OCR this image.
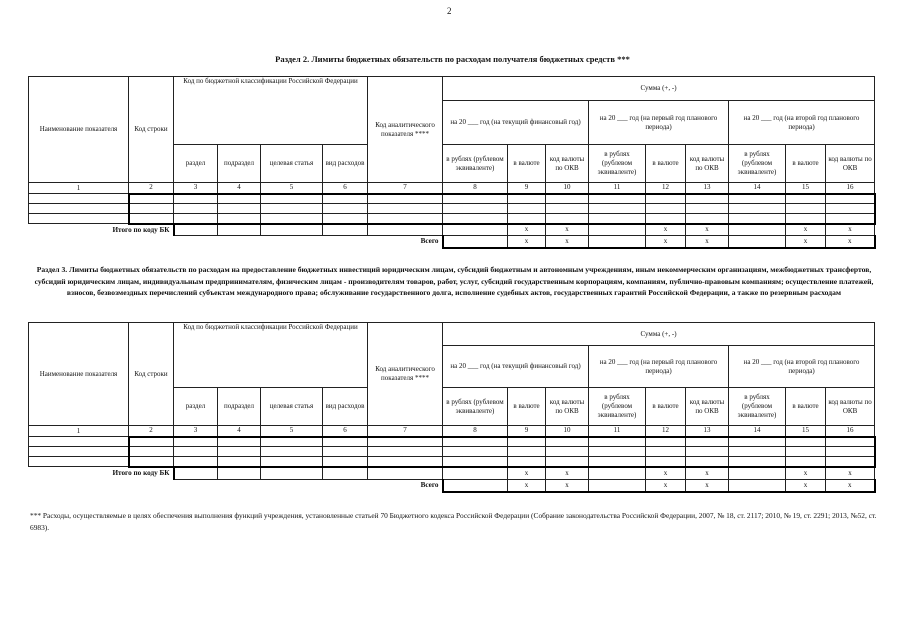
2
Раздел 2. Лимиты бюджетных обязательств по расходам получателя бюджетных средств ***
Наименование показателя	Код строки	Код по бюджетной классификации Российской Федерации				Код аналитического показателя ****	Сумма (+, -)								
							на 20 ___ год (на текущий финансовый год)			на 20 ___ год (на первый год планового периода)			на 20 ___ год (на второй год планового периода)		
		раздел	подраздел	целевая статья	вид расходов		в рублях (рублевом эквиваленте)	в валюте	код валюты по ОКВ	в рублях (рублевом эквиваленте)	в валюте	код валюты по ОКВ	в рублях (рублевом эквиваленте)	в валюте	код валюты по ОКВ
1	2	3	4	5	6	7	8	9	10	11	12	13	14	15	16

Итого по коду БК								x	x		x	x		x	x
Всего								x	x		x	x		x	x
Раздел 3. Лимиты бюджетных обязательств по расходам на предоставление бюджетных инвестиций юридическим лицам, субсидий бюджетным и автономным учреждениям, иным некоммерческим организациям, межбюджетных трансфертов, субсидий юридическим лицам, индивидуальным предпринимателям, физическим лицам - производителям товаров, работ, услуг, субсидий государственным корпорациям, компаниям, публично-правовым компаниям; осуществление платежей, взносов, безвозмездных перечислений субъектам международного права; обслуживание государственного долга, исполнение судебных актов, государственных гарантий Российской Федерации, а также по резервным расходам
Наименование показателя	Код строки	Код по бюджетной классификации Российской Федерации				Код аналитического показателя ****	Сумма (+, -)								
							на 20 ___ год (на текущий финансовый год)			на 20 ___ год (на первый год планового периода)			на 20 ___ год (на второй год планового периода)		
		раздел	подраздел	целевая статья	вид расходов		в рублях (рублевом эквиваленте)	в валюте	код валюты по ОКВ	в рублях (рублевом эквиваленте)	в валюте	код валюты по ОКВ	в рублях (рублевом эквиваленте)	в валюте	код валюты по ОКВ
1	2	3	4	5	6	7	8	9	10	11	12	13	14	15	16

Итого по коду БК								x	x		x	x		x	x
Всего								x	x		x	x		x	x
*** Расходы, осуществляемые в целях обеспечения выполнения функций учреждения, установленные статьей 70 Бюджетного кодекса Российской Федерации (Собрание законодательства Российской Федерации, 2007, № 18, ст. 2117; 2010, № 19, ст. 2291; 2013, №52, ст. 6983).
